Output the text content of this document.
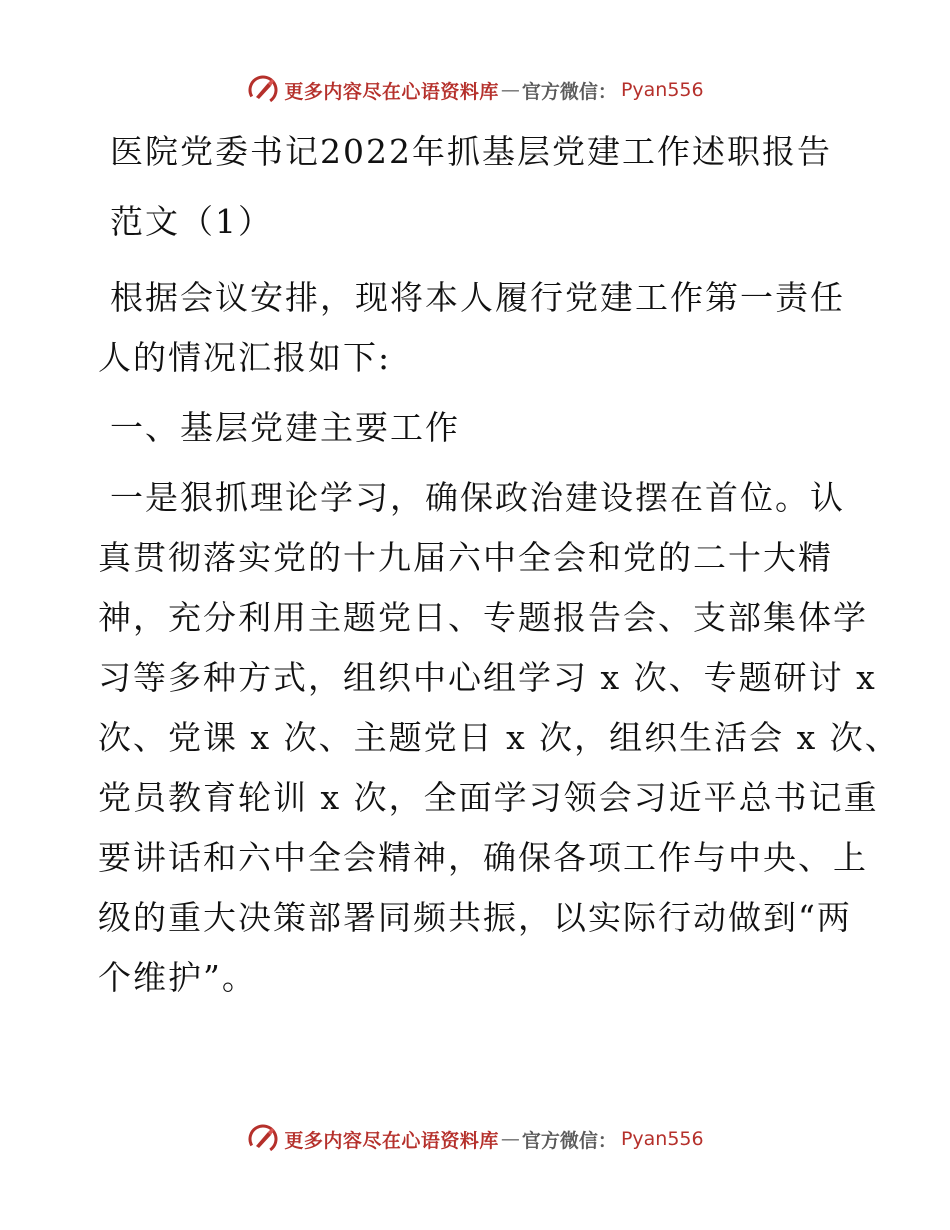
更多内容尽在心语资料库 — 官方微信： Pyan556
医院党委书记2022年抓基层党建工作述职报告
范文（1）
根据会议安排，现将本人履行党建工作第一责任
人的情况汇报如下:
一、基层党建主要工作
一是狠抓理论学习，确保政治建设摆在首位。认
真贯彻落实党的十九届六中全会和党的二十大精
神，充分利用主题党日、专题报告会、支部集体学
习等多种方式，组织中心组学习 x 次、专题研讨 x
次、党课 x 次、主题党日 x 次，组织生活会 x 次、
党员教育轮训 x 次，全面学习领会习近平总书记重
要讲话和六中全会精神，确保各项工作与中央、上
级的重大决策部署同频共振，以实际行动做到“两
个维护”。
更多内容尽在心语资料库 — 官方微信： Pyan556
